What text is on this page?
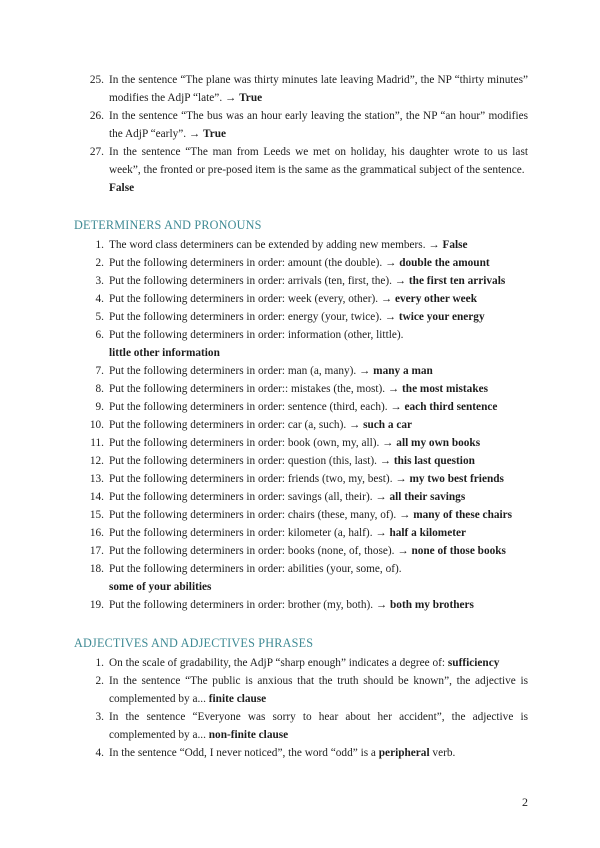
25. In the sentence “The plane was thirty minutes late leaving Madrid”, the NP “thirty minutes” modifies the AdjP “late”. → True
26. In the sentence “The bus was an hour early leaving the station”, the NP “an hour” modifies the AdjP “early”. → True
27. In the sentence “The man from Leeds we met on holiday, his daughter wrote to us last week”, the fronted or pre-posed item is the same as the grammatical subject of the sentence.
False
DETERMINERS AND PRONOUNS
1. The word class determiners can be extended by adding new members. → False
2. Put the following determiners in order: amount (the double). → double the amount
3. Put the following determiners in order: arrivals (ten, first, the). → the first ten arrivals
4. Put the following determiners in order: week (every, other). → every other week
5. Put the following determiners in order: energy (your, twice). → twice your energy
6. Put the following determiners in order: information (other, little).
little other information
7. Put the following determiners in order: man (a, many). → many a man
8. Put the following determiners in order:: mistakes (the, most). → the most mistakes
9. Put the following determiners in order: sentence (third, each). → each third sentence
10. Put the following determiners in order: car (a, such). → such a car
11. Put the following determiners in order: book (own, my, all). → all my own books
12. Put the following determiners in order: question (this, last). → this last question
13. Put the following determiners in order: friends (two, my, best). → my two best friends
14. Put the following determiners in order: savings (all, their). → all their savings
15. Put the following determiners in order: chairs (these, many, of). → many of these chairs
16. Put the following determiners in order: kilometer (a, half). → half a kilometer
17. Put the following determiners in order: books (none, of, those). → none of those books
18. Put the following determiners in order: abilities (your, some, of).
some of your abilities
19. Put the following determiners in order: brother (my, both). → both my brothers
ADJECTIVES AND ADJECTIVES PHRASES
1. On the scale of gradability, the AdjP “sharp enough” indicates a degree of: sufficiency
2. In the sentence “The public is anxious that the truth should be known”, the adjective is complemented by a... finite clause
3. In the sentence “Everyone was sorry to hear about her accident”, the adjective is complemented by a... non-finite clause
4. In the sentence “Odd, I never noticed”, the word “odd” is a peripheral verb.
2
